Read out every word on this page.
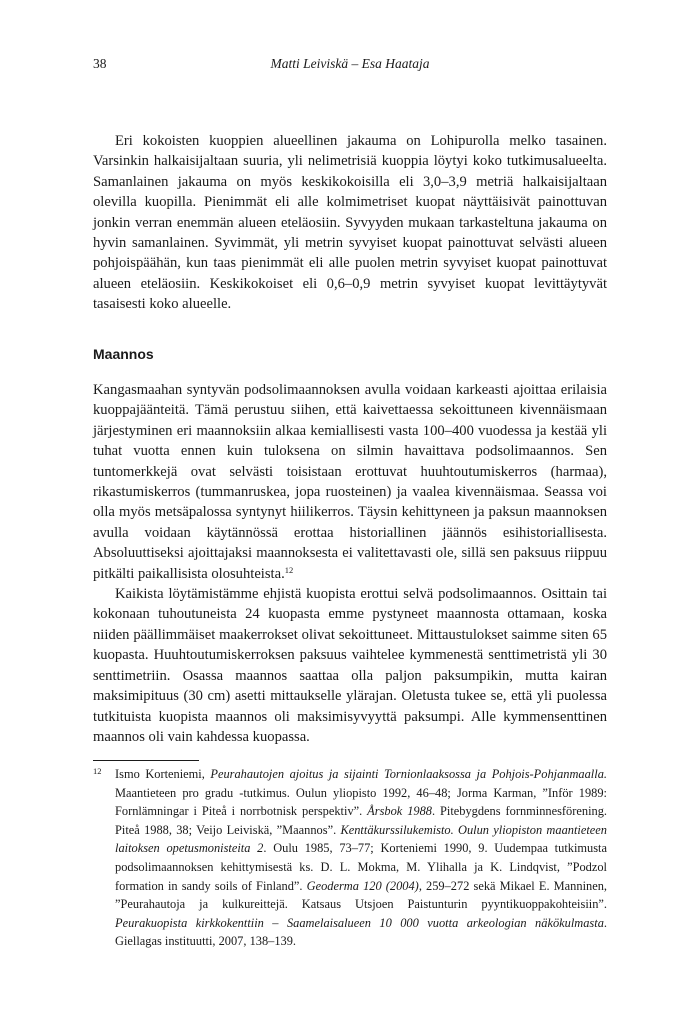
38	Matti Leiviskä – Esa Haataja

Eri kokoisten kuoppien alueellinen jakauma on Lohipurolla melko tasainen. Varsinkin halkaisijaltaan suuria, yli nelimetrisiä kuoppia löytyi koko tutkimusalueelta. Samanlainen jakauma on myös keskikokoisilla eli 3,0–3,9 metriä halkaisijaltaan olevilla kuopilla. Pienimmät eli alle kolmimetriset kuopat näyttäisivät painottuvan jonkin verran enemmän alueen eteläosiin. Syvyyden mukaan tarkasteltuna jakauma on hyvin samanlainen. Syvimmät, yli metrin syvyiset kuopat painottuvat selvästi alueen pohjoispäähän, kun taas pienimmät eli alle puolen metrin syvyiset kuopat painottuvat alueen eteläosiin. Keskikokoiset eli 0,6–0,9 metrin syvyiset kuopat levittäytyvät tasaisesti koko alueelle.

Maannos

Kangasmaahan syntyvän podsolimaannoksen avulla voidaan karkeasti ajoittaa erilaisia kuoppajäänteitä. Tämä perustuu siihen, että kaivettaessa sekoittuneen kivennäismaan järjestyminen eri maannoksiin alkaa kemiallisesti vasta 100–400 vuodessa ja kestää yli tuhat vuotta ennen kuin tuloksena on silmin havaittava podsolimaannos. Sen tuntomerkkejä ovat selvästi toisistaan erottuvat huuhtoutumiskerros (harmaa), rikastumiskerros (tummanruskea, jopa ruosteinen) ja vaalea kivennäismaa. Seassa voi olla myös metsäpalossa syntynyt hiilikerros. Täysin kehittyneen ja paksun maannoksen avulla voidaan käytännössä erottaa historiallinen jäännös esihistoriallisesta. Absoluuttiseksi ajoittajaksi maannoksesta ei valitettavasti ole, sillä sen paksuus riippuu pitkälti paikallisista olosuhteista.$^{12}$

Kaikista löytämistämme ehjistä kuopista erottui selvä podsolimaannos. Osittain tai kokonaan tuhoutuneista 24 kuopasta emme pystyneet maannosta ottamaan, koska niiden päällimmäiset maakerrokset olivat sekoittuneet. Mittaustulokset saimme siten 65 kuopasta. Huuhtoutumiskerroksen paksuus vaihtelee kymmenestä senttimetristä yli 30 senttimetriin. Osassa maannos saattaa olla paljon paksumpikin, mutta kairan maksimipituus (30 cm) asetti mittaukselle ylärajan. Oletusta tukee se, että yli puolessa tutkituista kuopista maannos oli maksimisyvyyttä paksumpi. Alle kymmensenttinen maannos oli vain kahdessa kuopassa.

12 Ismo Korteniemi, Peurahautojen ajoitus ja sijainti Tornionlaaksossa ja Pohjois-Pohjanmaalla. Maantieteen pro gradu -tutkimus. Oulun yliopisto 1992, 46–48; Jorma Karman, ”Inför 1989: Fornlämningar i Piteå i norrbotnisk perspektiv”. Årsbok 1988. Pitebygdens fornminnesförening. Piteå 1988, 38; Veijo Leiviskä, ”Maannos”. Kenttäkurssilukemisto. Oulun yliopiston maantieteen laitoksen opetusmonisteita 2. Oulu 1985, 73–77; Korteniemi 1990, 9. Uudempaa tutkimusta podsolimaannoksen kehittymisestä ks. D. L. Mokma, M. Ylihalla ja K. Lindqvist, ”Podzol formation in sandy soils of Finland”. Geoderma 120 (2004), 259–272 sekä Mikael E. Manninen, ”Peurahautoja ja kulkureittejä. Katsaus Utsjoen Paistunturin pyyntikuoppakohteisiin”. Peurakuopista kirkkokenttiin – Saamelaisalueen 10 000 vuotta arkeologian näkökulmasta. Giellagas instituutti, 2007, 138–139.
